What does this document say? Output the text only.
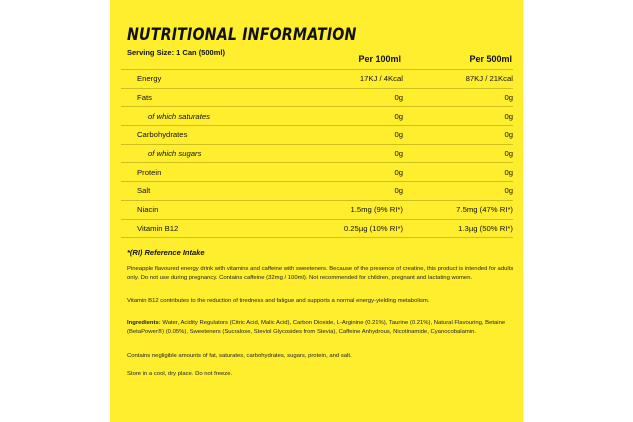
NUTRITIONAL INFORMATION
Serving Size: 1 Can (500ml)
Per 100ml	Per 500ml
Energy	17KJ / 4Kcal	87KJ / 21Kcal
Fats	0g	0g
of which saturates	0g	0g
Carbohydrates	0g	0g
of which sugars	0g	0g
Protein	0g	0g
Salt	0g	0g
Niacin	1.5mg (9% RI*)	7.5mg (47% RI*)
Vitamin B12	0.25µg (10% RI*)	1.3µg (50% RI*)
*(RI) Reference Intake
Pineapple flavoured energy drink with vitamins and caffeine with sweeteners. Because of the presence of creatine, this product is intended for adults only. Do not use during pregnancy. Contains caffeine (32mg / 100ml). Not recommended for children, pregnant and lactating women.
Vitamin B12 contributes to the reduction of tiredness and fatigue and supports a normal energy-yielding metabolism.
Ingredients: Water, Acidity Regulators (Citric Acid, Malic Acid), Carbon Dioxide, L-Arginine (0.21%), Taurine (0.21%), Natural Flavouring, Betaine (BetaPower®) (0.05%), Sweeteners (Sucralose, Steviol Glycosides from Stevia), Caffeine Anhydrous, Nicotinamide, Cyanocobalamin.
Contains negligible amounts of fat, saturates, carbohydrates, sugars, protein, and salt.
Store in a cool, dry place. Do not freeze.
